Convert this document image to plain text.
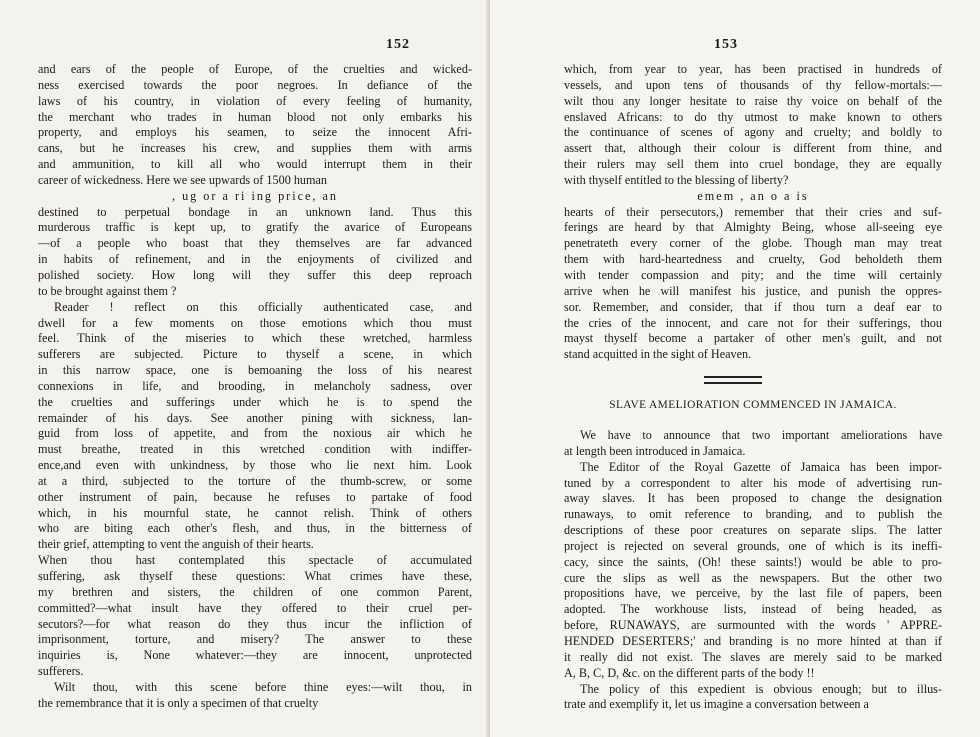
152
and ears of the people of Europe, of the cruelties and wicked-
ness exercised towards the poor negroes. In defiance of the
laws of his country, in violation of every feeling of humanity,
the merchant who trades in human blood not only embarks his
property, and employs his seamen, to seize the innocent Afri-
cans, but he increases his crew, and supplies them with arms
and ammunition, to kill all who would interrupt them in their
career of wickedness. Here we see upwards of 1500 human
, ug or a ri ing price, an
destined to perpetual bondage in an unknown land. Thus this
murderous traffic is kept up, to gratify the avarice of Europeans
—of a people who boast that they themselves are far advanced
in habits of refinement, and in the enjoyments of civilized and
polished society. How long will they suffer this deep reproach
to be brought against them ?
Reader ! reflect on this officially authenticated case, and
dwell for a few moments on those emotions which thou must
feel. Think of the miseries to which these wretched, harmless
sufferers are subjected. Picture to thyself a scene, in which
in this narrow space, one is bemoaning the loss of his nearest
connexions in life, and brooding, in melancholy sadness, over
the cruelties and sufferings under which he is to spend the
remainder of his days. See another pining with sickness, lan-
guid from loss of appetite, and from the noxious air which he
must breathe, treated in this wretched condition with indiffer-
ence,and even with unkindness, by those who lie next him. Look
at a third, subjected to the torture of the thumb-screw, or some
other instrument of pain, because he refuses to partake of food
which, in his mournful state, he cannot relish. Think of others
who are biting each other's flesh, and thus, in the bitterness of
their grief, attempting to vent the anguish of their hearts.
When thou hast contemplated this spectacle of accumulated
suffering, ask thyself these questions: What crimes have these,
my brethren and sisters, the children of one common Parent,
committed?—what insult have they offered to their cruel per-
secutors?—for what reason do they thus incur the infliction of
imprisonment, torture, and misery? The answer to these
inquiries is, None whatever:—they are innocent, unprotected
sufferers.
Wilt thou, with this scene before thine eyes:—wilt thou, in
the remembrance that it is only a specimen of that cruelty
153
which, from year to year, has been practised in hundreds of
vessels, and upon tens of thousands of thy fellow-mortals:—
wilt thou any longer hesitate to raise thy voice on behalf of the
enslaved Africans: to do thy utmost to make known to others
the continuance of scenes of agony and cruelty; and boldly to
assert that, although their colour is different from thine, and
their rulers may sell them into cruel bondage, they are equally
with thyself entitled to the blessing of liberty?
emem , an o a is
hearts of their persecutors,) remember that their cries and suf-
ferings are heard by that Almighty Being, whose all-seeing eye
penetrateth every corner of the globe. Though man may treat
them with hard-heartedness and cruelty, God beholdeth them
with tender compassion and pity; and the time will certainly
arrive when he will manifest his justice, and punish the oppres-
sor. Remember, and consider, that if thou turn a deaf ear to
the cries of the innocent, and care not for their sufferings, thou
mayst thyself become a partaker of other men's guilt, and not
stand acquitted in the sight of Heaven.
SLAVE AMELIORATION COMMENCED IN JAMAICA.
We have to announce that two important ameliorations have
at length been introduced in Jamaica.
The Editor of the Royal Gazette of Jamaica has been impor-
tuned by a correspondent to alter his mode of advertising run-
away slaves. It has been proposed to change the designation
runaways, to omit reference to branding, and to publish the
descriptions of these poor creatures on separate slips. The latter
project is rejected on several grounds, one of which is its ineffi-
cacy, since the saints, (Oh! these saints!) would be able to pro-
cure the slips as well as the newspapers. But the other two
propositions have, we perceive, by the last file of papers, been
adopted. The workhouse lists, instead of being headed, as
before, RUNAWAYS, are surmounted with the words ' APPRE-
HENDED DESERTERS;' and branding is no more hinted at than if
it really did not exist. The slaves are merely said to be marked
A, B, C, D, &c. on the different parts of the body !!
The policy of this expedient is obvious enough; but to illus-
trate and exemplify it, let us imagine a conversation between a
